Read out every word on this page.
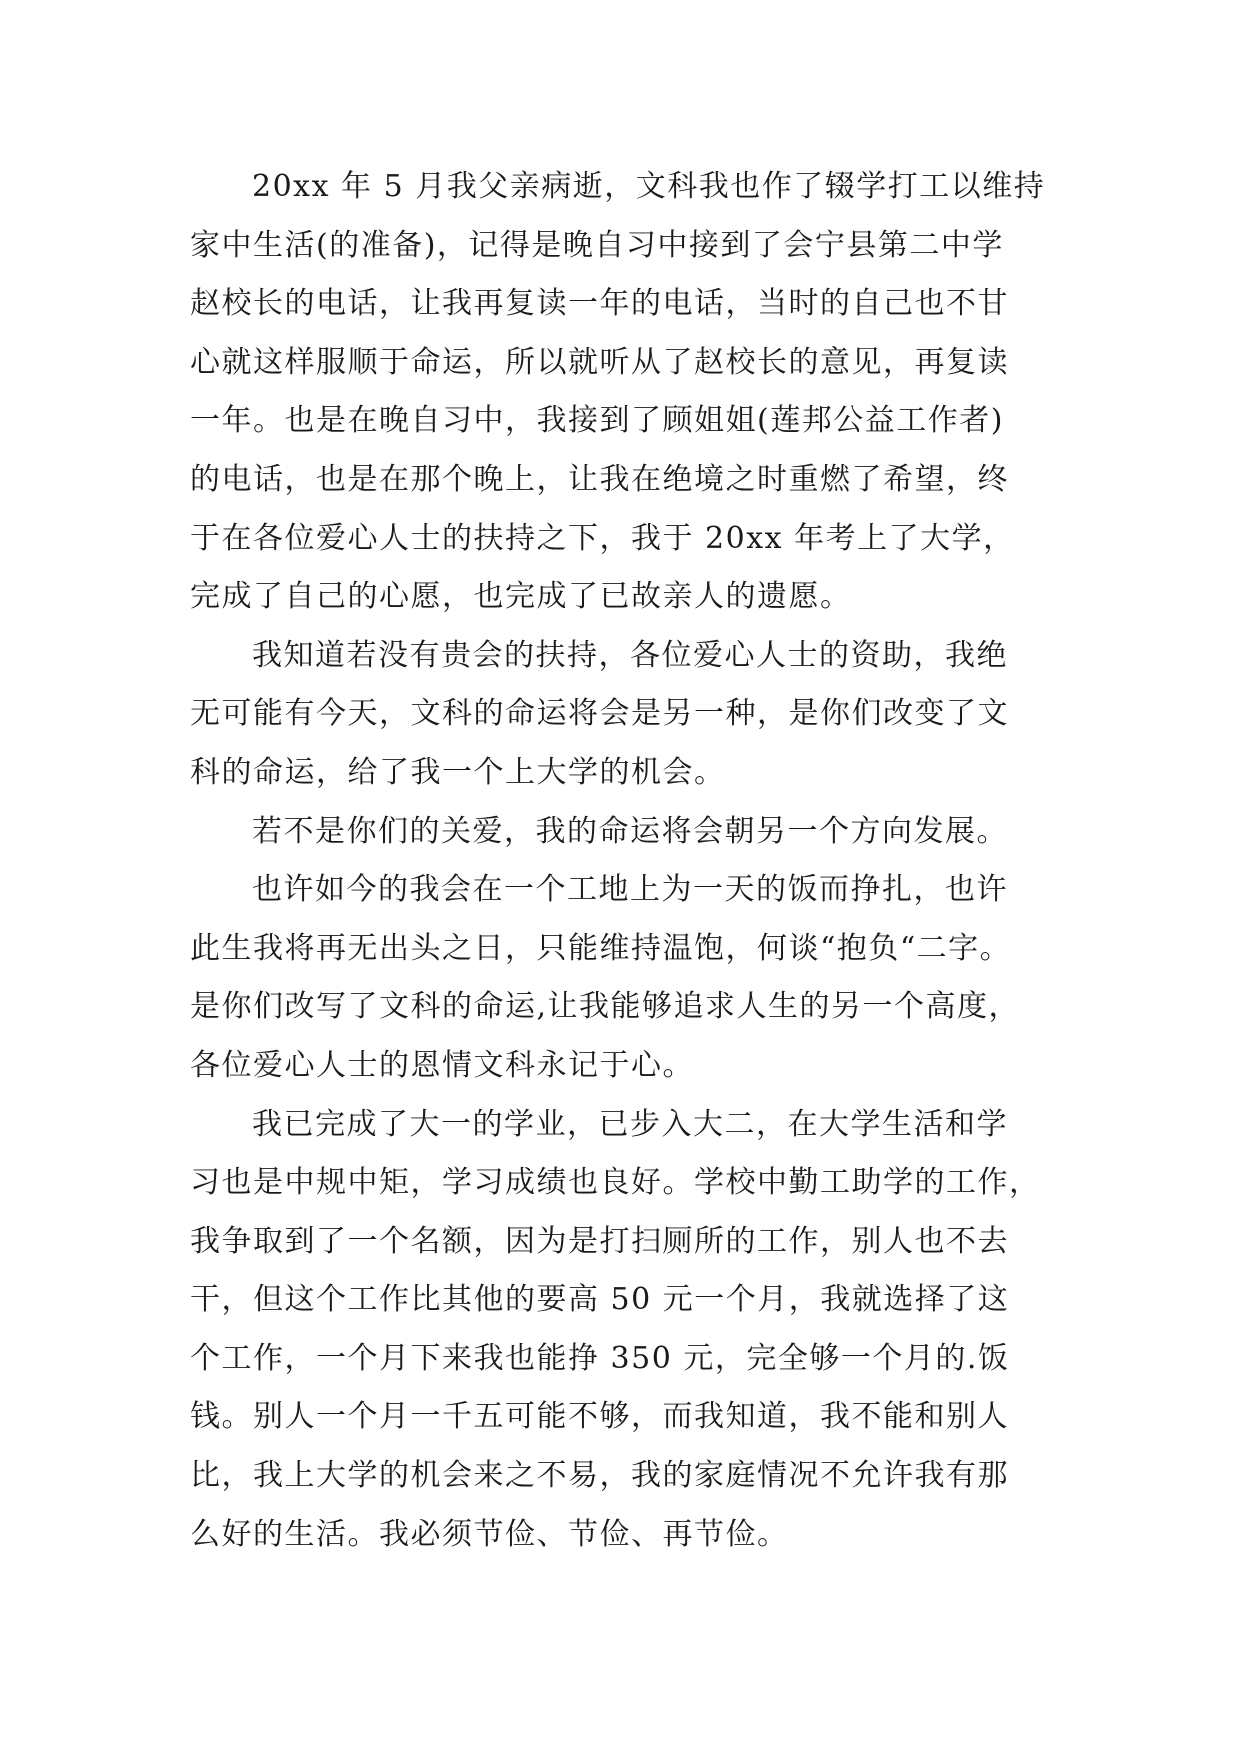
20xx 年 5 月我父亲病逝，文科我也作了辍学打工以维持
家中生活(的准备)，记得是晚自习中接到了会宁县第二中学
赵校长的电话，让我再复读一年的电话，当时的自己也不甘
心就这样服顺于命运，所以就听从了赵校长的意见，再复读
一年。也是在晚自习中，我接到了顾姐姐(莲邦公益工作者)
的电话，也是在那个晚上，让我在绝境之时重燃了希望，终
于在各位爱心人士的扶持之下，我于 20xx 年考上了大学，
完成了自己的心愿，也完成了已故亲人的遗愿。
我知道若没有贵会的扶持，各位爱心人士的资助，我绝
无可能有今天，文科的命运将会是另一种，是你们改变了文
科的命运，给了我一个上大学的机会。
若不是你们的关爱，我的命运将会朝另一个方向发展。
也许如今的我会在一个工地上为一天的饭而挣扎，也许
此生我将再无出头之日，只能维持温饱，何谈“抱负“二字。
是你们改写了文科的命运,让我能够追求人生的另一个高度，
各位爱心人士的恩情文科永记于心。
我已完成了大一的学业，已步入大二，在大学生活和学
习也是中规中矩，学习成绩也良好。学校中勤工助学的工作，
我争取到了一个名额，因为是打扫厕所的工作，别人也不去
干，但这个工作比其他的要高 50 元一个月，我就选择了这
个工作，一个月下来我也能挣 350 元，完全够一个月的.饭
钱。别人一个月一千五可能不够，而我知道，我不能和别人
比，我上大学的机会来之不易，我的家庭情况不允许我有那
么好的生活。我必须节俭、节俭、再节俭。
